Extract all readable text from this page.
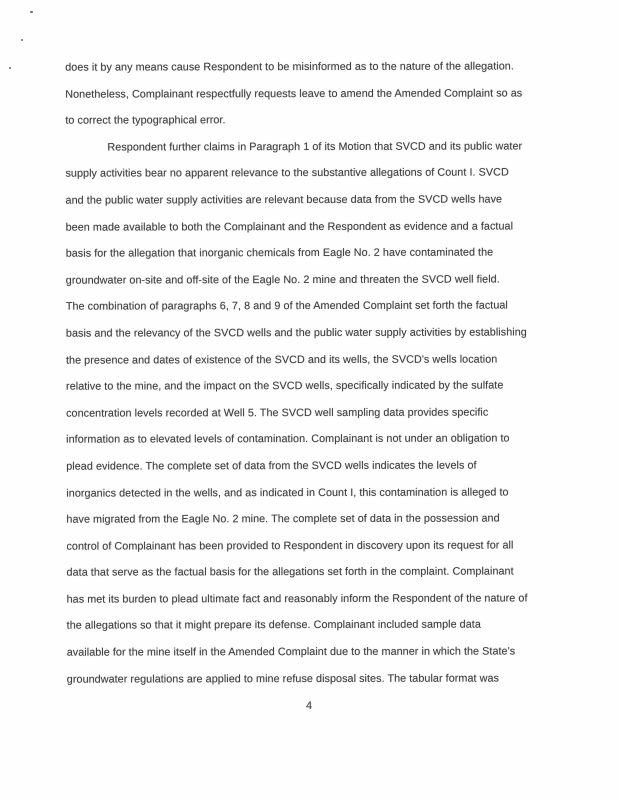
does it by any means cause Respondent to be misinformed as to the nature of the allegation.
Nonetheless, Complainant respectfully requests leave to amend the Amended Complaint so as
to correct the typographical error.

Respondent further claims in Paragraph 1 of its Motion that SVCD and its public water
supply activities bear no apparent relevance to the substantive allegations of Count I. SVCD
and the public water supply activities are relevant because data from the SVCD wells have
been made available to both the Complainant and the Respondent as evidence and a factual
basis for the allegation that inorganic chemicals from Eagle No. 2 have contaminated the
groundwater on-site and off-site of the Eagle No. 2 mine and threaten the SVCD well field.
The combination of paragraphs 6, 7, 8 and 9 of the Amended Complaint set forth the factual
basis and the relevancy of the SVCD wells and the public water supply activities by establishing
the presence and dates of existence of the SVCD and its wells, the SVCD's wells location
relative to the mine, and the impact on the SVCD wells, specifically indicated by the sulfate
concentration levels recorded at Well 5. The SVCD well sampling data provides specific
information as to elevated levels of contamination. Complainant is not under an obligation to
plead evidence. The complete set of data from the SVCD wells indicates the levels of
inorganics detected in the wells, and as indicated in Count I, this contamination is alleged to
have migrated from the Eagle No. 2 mine. The complete set of data in the possession and
control of Complainant has been provided to Respondent in discovery upon its request for all
data that serve as the factual basis for the allegations set forth in the complaint. Complainant
has met its burden to plead ultimate fact and reasonably inform the Respondent of the nature of
the allegations so that it might prepare its defense. Complainant included sample data
available for the mine itself in the Amended Complaint due to the manner in which the State's
groundwater regulations are applied to mine refuse disposal sites. The tabular format was

4
